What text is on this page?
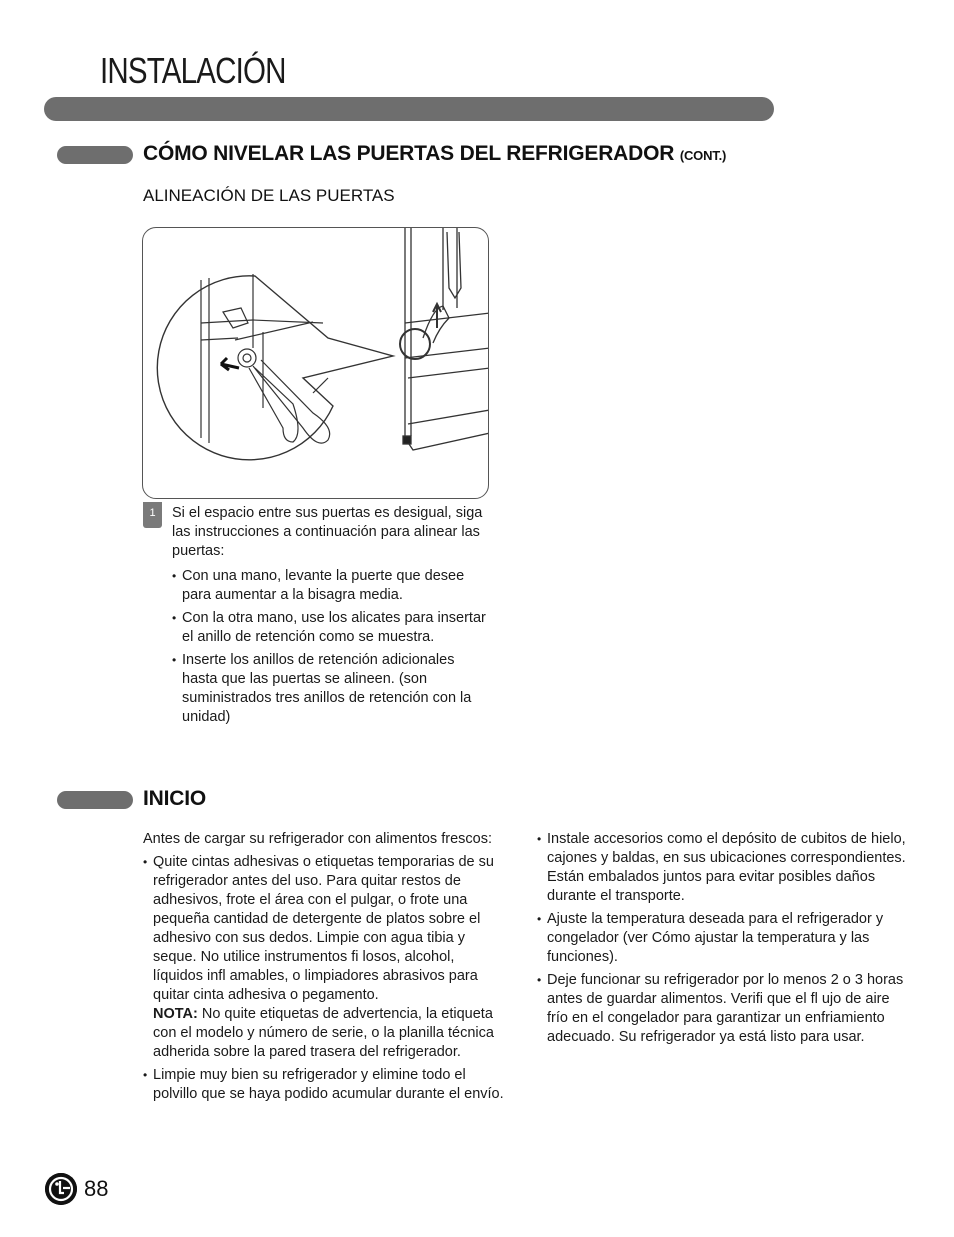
INSTALACIÓN
CÓMO NIVELAR LAS PUERTAS DEL REFRIGERADOR (CONT.)
ALINEACIÓN DE LAS PUERTAS
1	Si el espacio entre sus puertas es desigual, siga las instrucciones a continuación para alinear las puertas:
• Con una mano, levante la puerte que desee para aumentar a la bisagra media.
• Con la otra mano, use los alicates para insertar el anillo de retención como se muestra.
• Inserte los anillos de retención adicionales hasta que las puertas se alineen. (son suministrados tres anillos de retención con la unidad)
INICIO

Antes de cargar su refrigerador con alimentos frescos:

• Quite cintas adhesivas o etiquetas temporarias de su refrigerador antes del uso. Para quitar restos de adhesivos, frote el área con el pulgar, o frote una pequeña cantidad de detergente de platos sobre el adhesivo con sus dedos. Limpie con agua tibia y seque. No utilice instrumentos fi losos, alcohol, líquidos infl amables, o limpiadores abrasivos para quitar cinta adhesiva o pegamento.
NOTA: No quite etiquetas de advertencia, la etiqueta con el modelo y número de serie, o la planilla técnica adherida sobre la pared trasera del refrigerador.
• Limpie muy bien su refrigerador y elimine todo el polvillo que se haya podido acumular durante el envío.
• Instale accesorios como el depósito de cubitos de hielo, cajones y baldas, en sus ubicaciones correspondientes. Están embalados juntos para evitar posibles daños durante el transporte.
• Ajuste la temperatura deseada para el refrigerador y congelador (ver Cómo ajustar la temperatura y las funciones).
• Deje funcionar su refrigerador por lo menos 2 o 3 horas antes de guardar alimentos. Verifi que el fl ujo de aire frío en el congelador para garantizar un enfriamiento adecuado. Su refrigerador ya está listo para usar.
88
